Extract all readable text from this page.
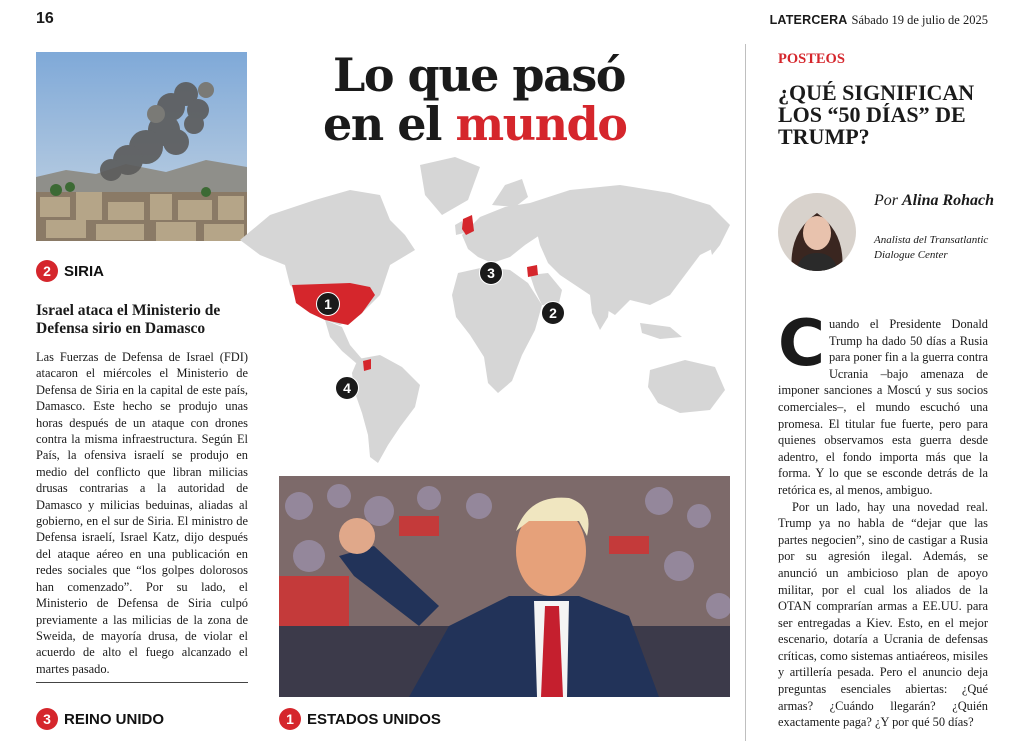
16	LATERCERA Sábado 19 de julio de 2025
2 SIRIA
Israel ataca el Ministerio de Defensa sirio en Damasco
Las Fuerzas de Defensa de Israel (FDI) atacaron el miércoles el Ministerio de Defensa de Siria en la capital de este país, Damasco. Este hecho se produjo unas horas después de un ataque con drones contra la misma infraestructura. Según El País, la ofensiva israelí se produjo en medio del conflicto que libran milicias drusas contrarias a la autoridad de Damasco y milicias beduinas, aliadas al gobierno, en el sur de Siria. El ministro de Defensa israelí, Israel Katz, dijo después del ataque aéreo en una publicación en redes sociales que “los golpes dolorosos han comenzado”. Por su lado, el Ministerio de Defensa de Siria culpó previamente a las milicias de la zona de Sweida, de mayoría drusa, de violar el acuerdo de alto el fuego alcanzado el martes pasado.
3 REINO UNIDO
1
3
2
4
Lo que pasó
en el mundo
1 ESTADOS UNIDOS
POSTEOS
¿QUÉ SIGNIFICAN LOS “50 DÍAS” DE TRUMP?
Por Alina Rohach
Analista del Transatlantic Dialogue Center

Cuando el Presidente Donald Trump ha dado 50 días a Rusia para poner fin a la guerra contra Ucrania –bajo amenaza de imponer sanciones a Moscú y sus socios comerciales–, el mundo escuchó una promesa. El titular fue fuerte, pero para quienes observamos esta guerra desde adentro, el fondo importa más que la forma. Y lo que se esconde detrás de la retórica es, al menos, ambiguo.

Por un lado, hay una novedad real. Trump ya no habla de “dejar que las partes negocien”, sino de castigar a Rusia por su agresión ilegal. Además, se anunció un ambicioso plan de apoyo militar, por el cual los aliados de la OTAN comprarían armas a EE.UU. para ser entregadas a Kiev. Esto, en el mejor escenario, dotaría a Ucrania de defensas críticas, como sistemas antiaéreos, misiles y artillería pesada. Pero el anuncio deja preguntas esenciales abiertas: ¿Qué armas? ¿Cuándo llegarán? ¿Quién exactamente paga? ¿Y por qué 50 días?
